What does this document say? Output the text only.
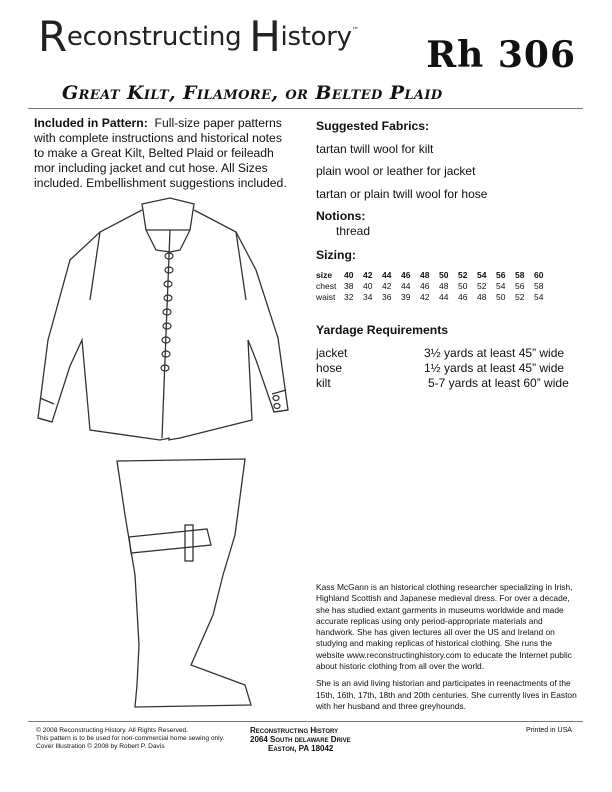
Reconstructing History™
Rh 306
Great Kilt, Filamore, or Belted Plaid
Included in Pattern: Full-size paper patterns with complete instructions and historical notes to make a Great Kilt, Belted Plaid or feileadh mor including jacket and cut hose. All Sizes included. Embellishment suggestions included.
Suggested Fabrics:
tartan twill wool for kilt
plain wool or leather for jacket
tartan or plain twill wool for hose
Notions:
thread
Sizing:
size	40	42	44	46	48	50	52	54	56	58	60
chest	38	40	42	44	46	48	50	52	54	56	58
waist	32	34	36	39	42	44	46	48	50	52	54
Yardage Requirements
jacket	3½ yards at least 45” wide
hose	1½ yards at least 45” wide
kilt	5-7 yards at least 60” wide

Kass McGann is an historical clothing researcher specializing in Irish, Highland Scottish and Japanese medieval dress. For over a decade, she has studied extant garments in museums worldwide and made accurate replicas using only period-appropriate materials and handwork. She has given lectures all over the US and Ireland on studying and making replicas of historical clothing. She runs the website www.reconstructinghistory.com to educate the Internet public about historic clothing from all over the world.

She is an avid living historian and participates in reenactments of the 15th, 16th, 17th, 18th and 20th centuries. She currently lives in Easton with her husband and three greyhounds.

© 2008 Reconstructing History. All Rights Reserved.
This pattern is to be used for non-commercial home sewing only.
Cover Illustration © 2008 by Robert P. Davis
Reconstructing History
2064 South delaware Drive
Easton, PA 18042
Printed in USA
